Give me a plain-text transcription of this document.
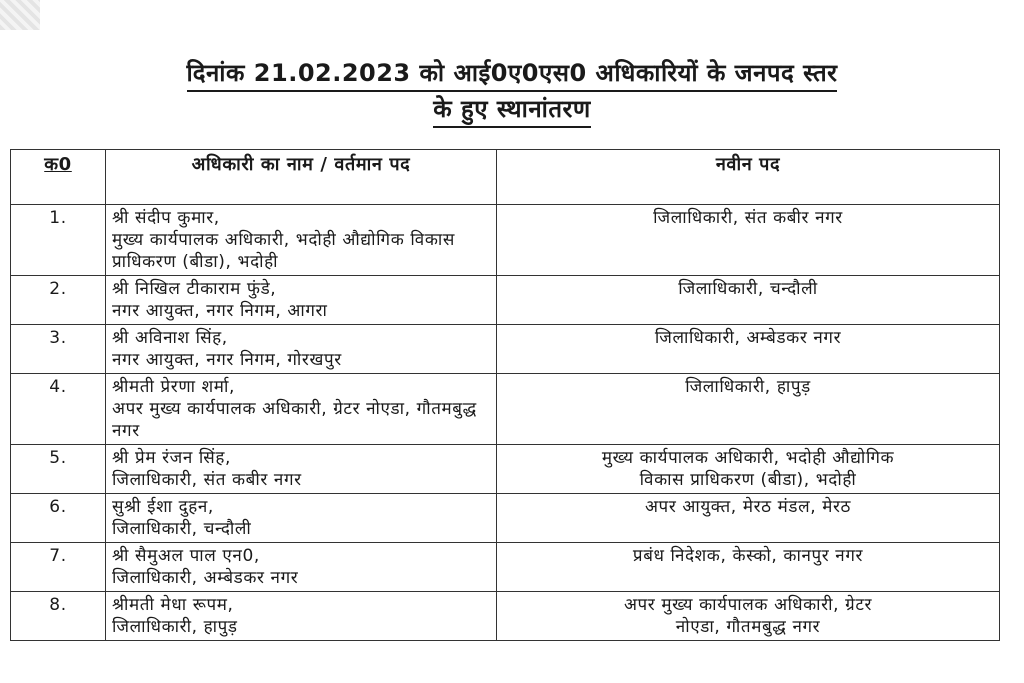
दिनांक 21.02.2023 को आई0ए0एस0 अधिकारियों के जनपद स्तर
के हुए स्थानांतरण
क0	अधिकारी का नाम / वर्तमान पद	नवीन पद
1.	श्री संदीप कुमार,
मुख्य कार्यपालक अधिकारी, भदोही औद्योगिक विकास प्राधिकरण (बीडा), भदोही	जिलाधिकारी, संत कबीर नगर

2.	श्री निखिल टीकाराम फुंडे,
नगर आयुक्त, नगर निगम, आगरा	जिलाधिकारी, चन्दौली

3.	श्री अविनाश सिंह,
नगर आयुक्त, नगर निगम, गोरखपुर	जिलाधिकारी, अम्बेडकर नगर

4.	श्रीमती प्रेरणा शर्मा,
अपर मुख्य कार्यपालक अधिकारी, ग्रेटर नोएडा, गौतमबुद्ध नगर	जिलाधिकारी, हापुड़

5.	श्री प्रेम रंजन सिंह,
जिलाधिकारी, संत कबीर नगर	मुख्य कार्यपालक अधिकारी, भदोही औद्योगिक
विकास प्राधिकरण (बीडा), भदोही

6.	सुश्री ईशा दुहन,
जिलाधिकारी, चन्दौली	अपर आयुक्त, मेरठ मंडल, मेरठ

7.	श्री सैमुअल पाल एन0,
जिलाधिकारी, अम्बेडकर नगर	प्रबंध निदेशक, केस्को, कानपुर नगर

8.	श्रीमती मेधा रूपम,
जिलाधिकारी, हापुड़	अपर मुख्य कार्यपालक अधिकारी, ग्रेटर
नोएडा, गौतमबुद्ध नगर
